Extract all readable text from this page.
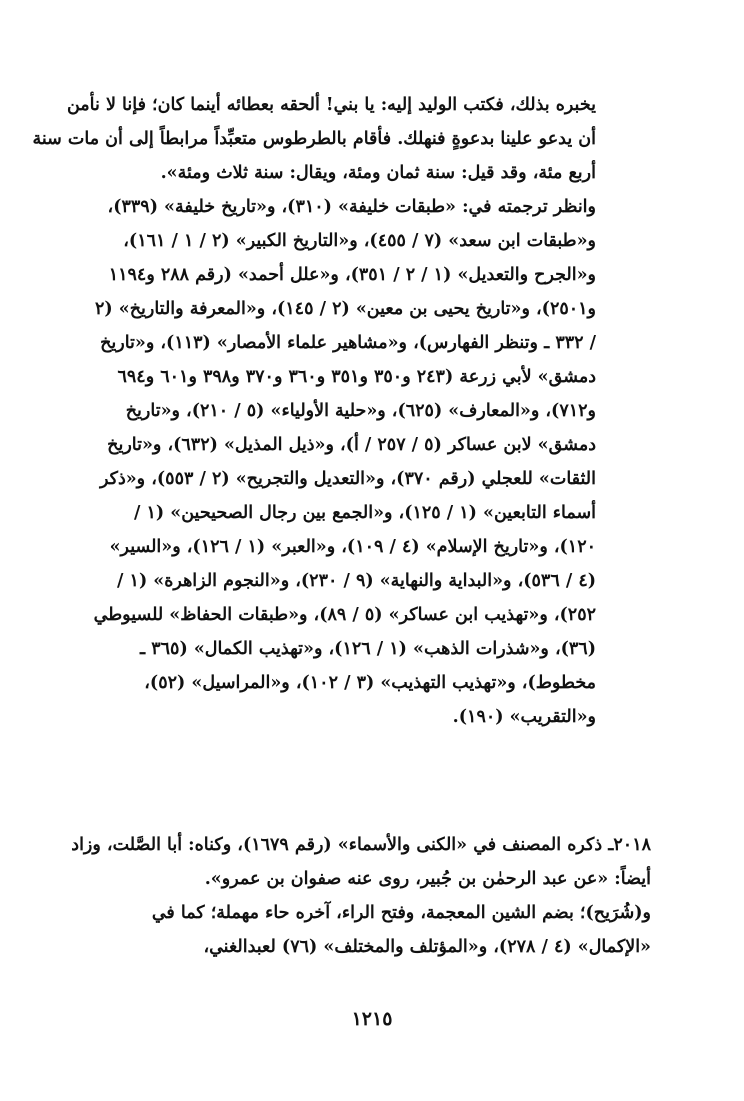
يخبره بذلك، فكتب الوليد إليه: يا بني! ألحقه بعطائه أينما كان؛ فإنا لا نأمن
أن يدعو علينا بدعوةٍ فنهلك. فأقام بالطرطوس متعبِّداً مرابطاً إلى أن مات سنة
أربع مئة، وقد قيل: سنة ثمان ومئة، ويقال: سنة ثلاث ومئة».
وانظر ترجمته في: «طبقات خليفة» (٣١٠)، و«تاريخ خليفة» (٣٣٩)،
و«طبقات ابن سعد» (٧ / ٤٥٥)، و«التاريخ الكبير» (٢ / ١ / ١٦١)،
و«الجرح والتعديل» (١ / ٢ / ٣٥١)، و«علل أحمد» (رقم ٢٨٨ و١١٩٤
و٢٥٠١)، و«تاريخ يحيى بن معين» (٢ / ١٤٥)، و«المعرفة والتاريخ» (٢
/ ٣٣٢ ـ وتنظر الفهارس)، و«مشاهير علماء الأمصار» (١١٣)، و«تاريخ
دمشق» لأبي زرعة (٢٤٣ و٣٥٠ و٣٥١ و٣٦٠ و٣٧٠ و٣٩٨ و٦٠١ و٦٩٤
و٧١٢)، و«المعارف» (٦٢٥)، و«حلية الأولياء» (٥ / ٢١٠)، و«تاريخ
دمشق» لابن عساكر (٥ / ٢٥٧ / أ)، و«ذيل المذيل» (٦٣٢)، و«تاريخ
الثقات» للعجلي (رقم ٣٧٠)، و«التعديل والتجريح» (٢ / ٥٥٣)، و«ذكر
أسماء التابعين» (١ / ١٢٥)، و«الجمع بين رجال الصحيحين» (١ /
١٢٠)، و«تاريخ الإسلام» (٤ / ١٠٩)، و«العبر» (١ / ١٢٦)، و«السير»
(٤ / ٥٣٦)، و«البداية والنهاية» (٩ / ٢٣٠)، و«النجوم الزاهرة» (١ /
٢٥٢)، و«تهذيب ابن عساكر» (٥ / ٨٩)، و«طبقات الحفاظ» للسيوطي
(٣٦)، و«شذرات الذهب» (١ / ١٢٦)، و«تهذيب الكمال» (٣٦٥ ـ
مخطوط)، و«تهذيب التهذيب» (٣ / ١٠٢)، و«المراسيل» (٥٢)،
و«التقريب» (١٩٠).
٢٠١٨ـ ذكره المصنف في «الكنى والأسماء» (رقم ١٦٧٩)، وكناه: أبا الصَّلت، وزاد
أيضاً: «عن عبد الرحمٰن بن جُبير، روى عنه صفوان بن عمرو».
و(شُرَيح)؛ بضم الشين المعجمة، وفتح الراء، آخره حاء مهملة؛ كما في
«الإكمال» (٤ / ٢٧٨)، و«المؤتلف والمختلف» (٧٦) لعبدالغني،
١٢١٥
